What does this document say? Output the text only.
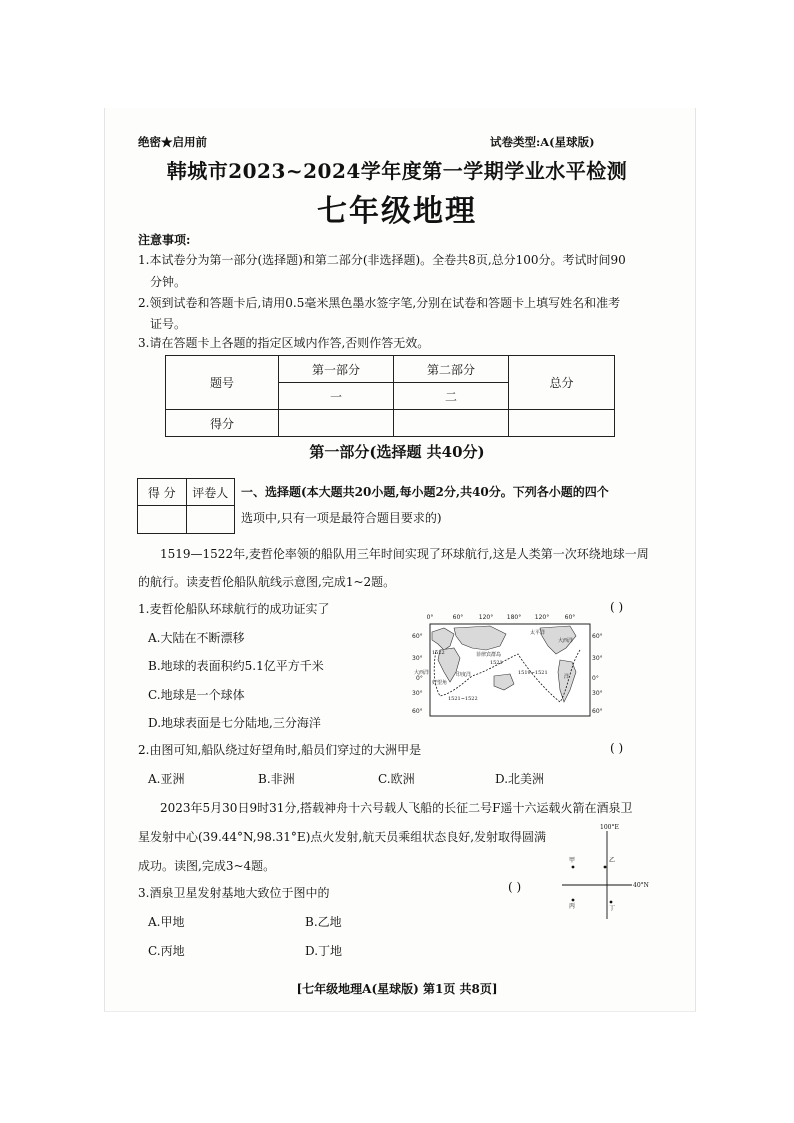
绝密★启用前	试卷类型:A(星球版)
韩城市2023~2024学年度第一学期学业水平检测
七年级地理
注意事项:
1.本试卷分为第一部分(选择题)和第二部分(非选择题)。全卷共8页,总分100分。考试时间90
分钟。
2.领到试卷和答题卡后,请用0.5毫米黑色墨水签字笔,分别在试卷和答题卡上填写姓名和准考
证号。
3.请在答题卡上各题的指定区域内作答,否则作答无效。
题号	第一部分	第二部分	总分
	一	二	
得分			
第一部分(选择题 共40分)
得 分	评卷人
	一、选择题(本大题共20小题,每小题2分,共40分。下列各小题的四个
选项中,只有一项是最符合题目要求的)
1519—1522年,麦哲伦率领的船队用三年时间实现了环球航行,这是人类第一次环绕地球一周
的航行。读麦哲伦船队航线示意图,完成1~2题。
1.麦哲伦船队环球航行的成功证实了	( )
A.大陆在不断漂移
B.地球的表面积约5.1亿平方千米
C.地球是一个球体
D.地球表面是七分陆地,三分海洋
0°	60°	120° 180° 120°	60°
60°
30°
0°
30°
60°
60°
30°
0°
30°
60°
太平洋
大西洋
1522	菲律宾群岛
1521
印度洋	1519~1521
好望角
1521~1522
大西洋
洋
2.由图可知,船队绕过好望角时,船员们穿过的大洲甲是	( )
A.亚洲	B.非洲	C.欧洲	D.北美洲
2023年5月30日9时31分,搭载神舟十六号载人飞船的长征二号F遥十六运载火箭在酒泉卫
星发射中心(39.44°N,98.31°E)点火发射,航天员乘组状态良好,发射取得圆满
成功。读图,完成3~4题。
100°E
40°N
甲	乙
丙	丁
3.酒泉卫星发射基地大致位于图中的	( )
A.甲地	B.乙地
C.丙地	D.丁地
[七年级地理A(星球版) 第1页 共8页]
